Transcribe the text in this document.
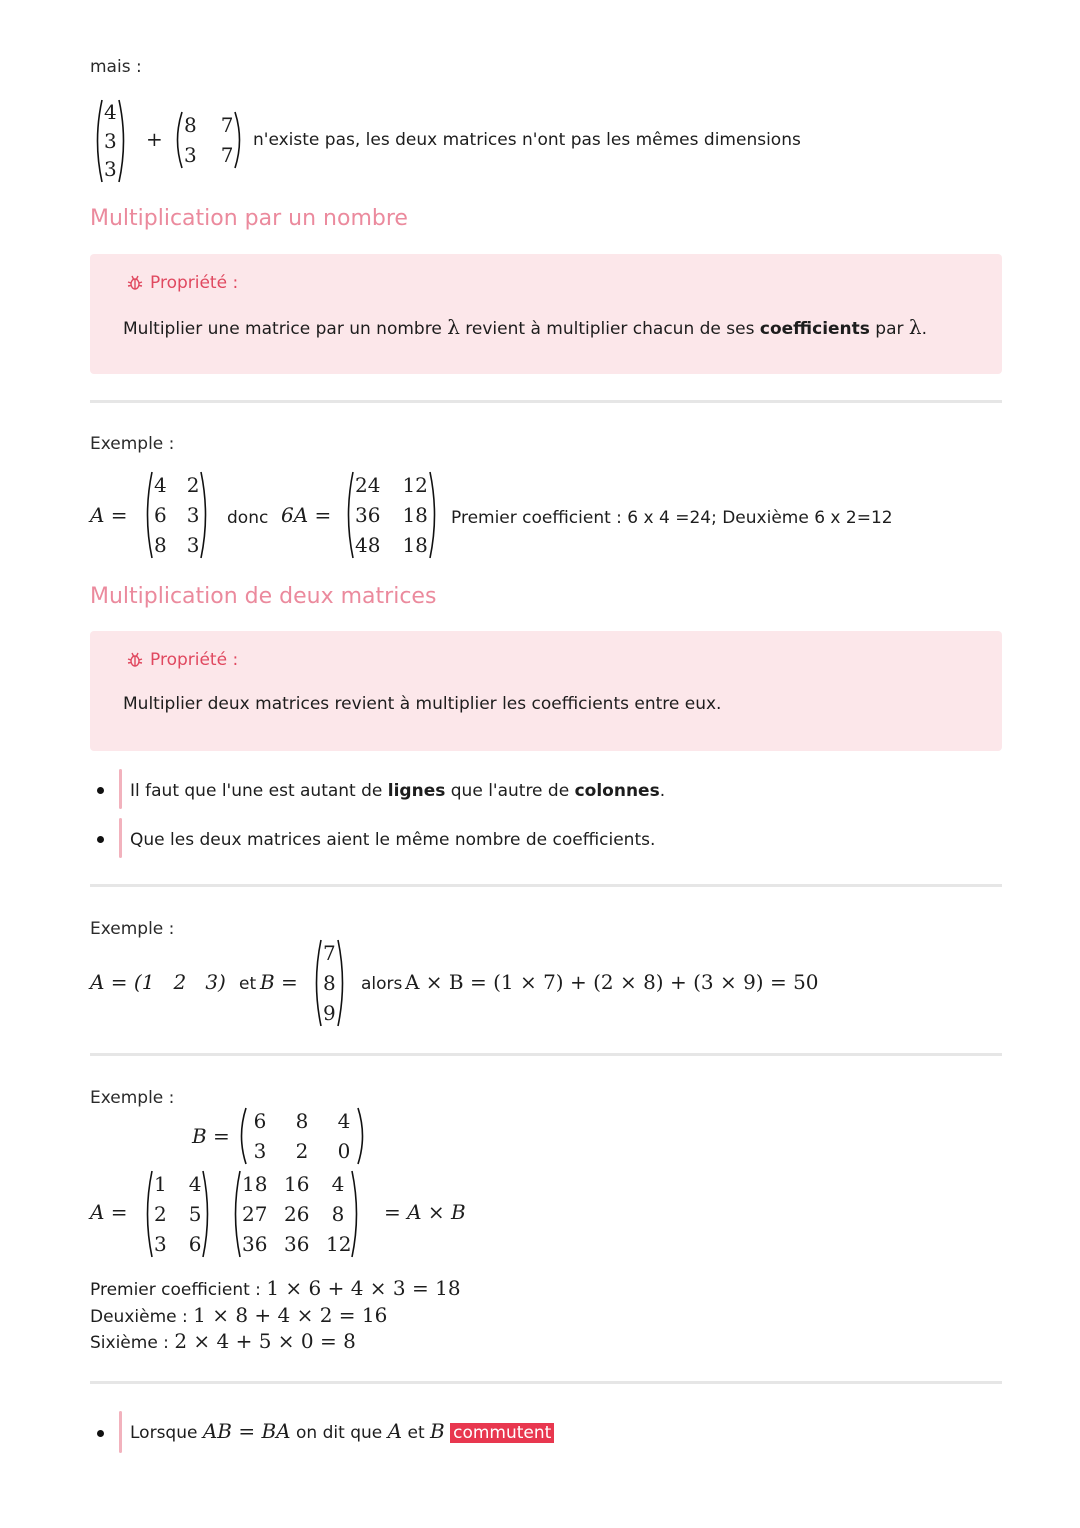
mais :
4
3
3
+
8 7
3 7
n'existe pas, les deux matrices n'ont pas les mêmes dimensions
Multiplication par un nombre
Propriété :
Multiplier une matrice par un nombre λ revient à multiplier chacun de ses coefficients par λ.
Exemple :
A =
4 2
6 3
8 3
donc 6A =
24 12
36 18
48 18
Premier coefficient : 6 x 4 =24; Deuxième 6 x 2=12
Multiplication de deux matrices
Propriété :
Multiplier deux matrices revient à multiplier les coefficients entre eux.
Il faut que l'une est autant de lignes que l'autre de colonnes.
Que les deux matrices aient le même nombre de coefficients.
Exemple :
A = (1   2   3) et B =
7
8
9
alors A × B = (1 × 7) + (2 × 8) + (3 × 9) = 50
Exemple :
B =
6 8 4
3 2 0
A =
1 4
2 5
3 6
18 16 4
27 26 8
36 36 12
= A × B
Premier coefficient : 1 × 6 + 4 × 3 = 18
Deuxième : 1 × 8 + 4 × 2 = 16
Sixième : 2 × 4 + 5 × 0 = 8
Lorsque AB = BA on dit que A et B commutent
